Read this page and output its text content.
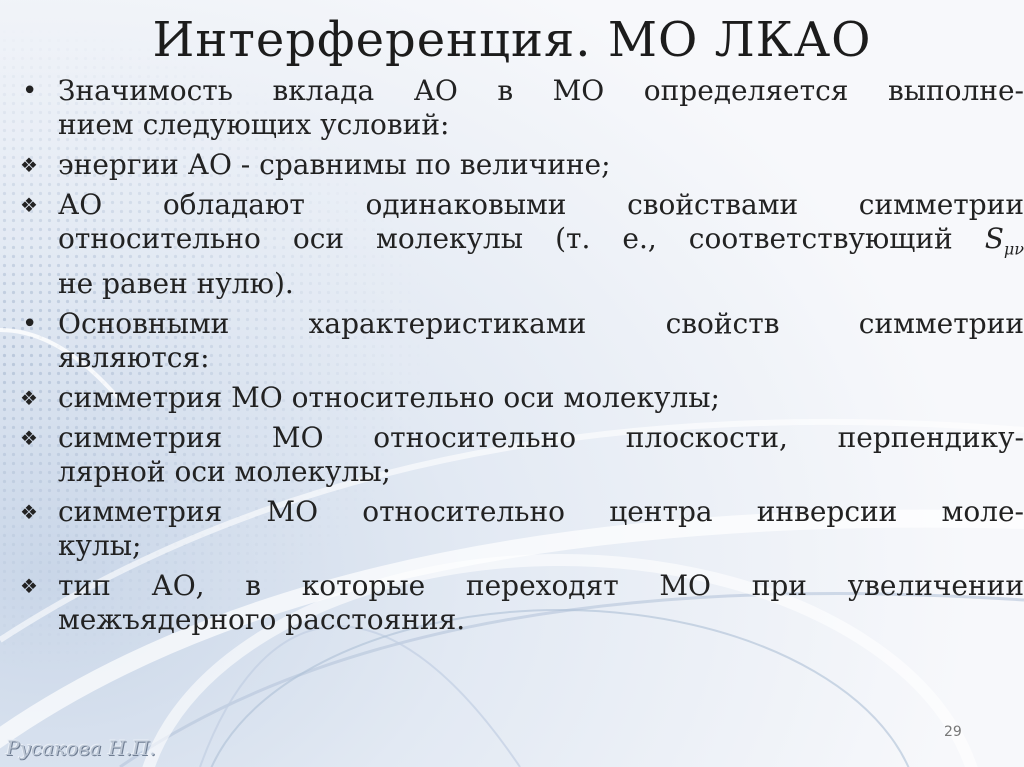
Интерференция. МО ЛКАО
• Значимость вклада АО в МО определяется выполне-
нием следующих условий:
❖ энергии АО - сравнимы по величине;
❖ АО обладают одинаковыми свойствами симметрии
относительно оси молекулы (т. е., соответствующий $S_{\mu\nu}$
не равен нулю).
• Основными характеристиками свойств симметрии
являются:
❖ симметрия МО относительно оси молекулы;
❖ симметрия МО относительно плоскости, перпендику-
лярной оси молекулы;
❖ симметрия МО относительно центра инверсии моле-
кулы;
❖ тип АО, в которые переходят МО при увеличении
межъядерного расстояния.
29
Русакова Н.П.
